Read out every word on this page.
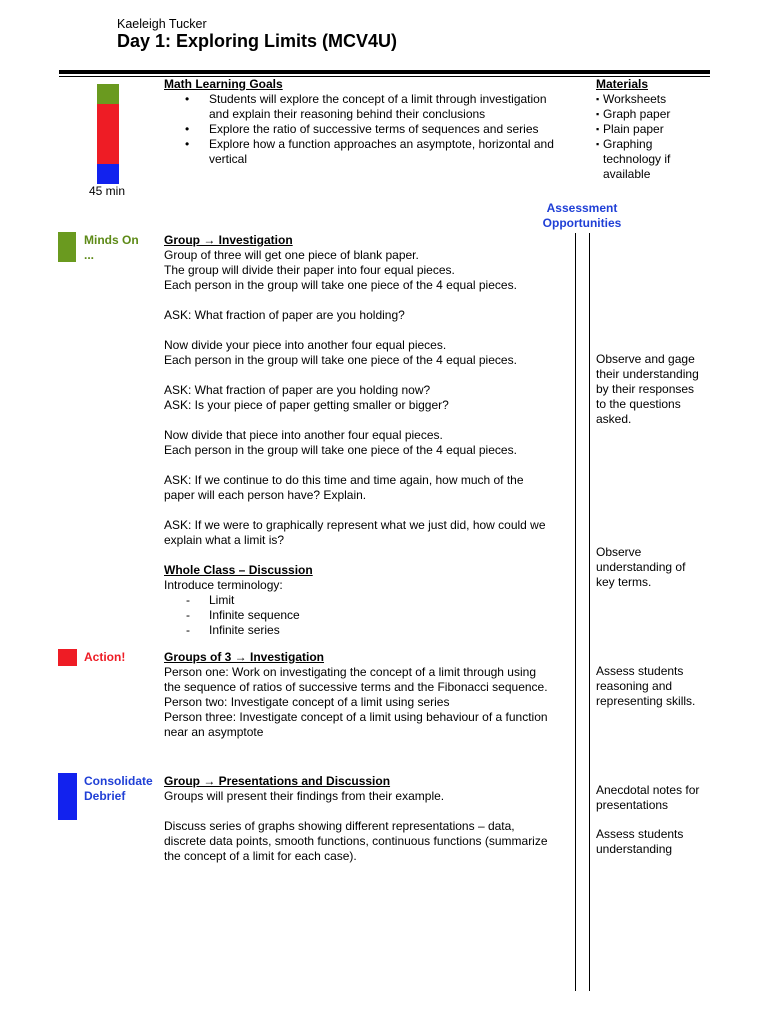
Kaeleigh Tucker
Day 1: Exploring Limits (MCV4U)
45 min
Math Learning Goals
• Students will explore the concept of a limit through investigation
and explain their reasoning behind their conclusions
• Explore the ratio of successive terms of sequences and series
• Explore how a function approaches an asymptote, horizontal and
vertical
Materials
▪ Worksheets
▪ Graph paper
▪ Plain paper
▪ Graphing
technology if
available
Assessment
Opportunities
Minds On
...
Group → Investigation
Group of three will get one piece of blank paper.
The group will divide their paper into four equal pieces.
Each person in the group will take one piece of the 4 equal pieces.
ASK: What fraction of paper are you holding?
Now divide your piece into another four equal pieces.
Each person in the group will take one piece of the 4 equal pieces.
ASK: What fraction of paper are you holding now?
ASK: Is your piece of paper getting smaller or bigger?
Now divide that piece into another four equal pieces.
Each person in the group will take one piece of the 4 equal pieces.
ASK: If we continue to do this time and time again, how much of the
paper will each person have? Explain.
ASK: If we were to graphically represent what we just did, how could we
explain what a limit is?
Whole Class – Discussion
Introduce terminology:
- Limit
- Infinite sequence
- Infinite series
Observe and gage
their understanding
by their responses
to the questions
asked.
Observe
understanding of
key terms.
Action!	Groups of 3 → Investigation
Person one: Work on investigating the concept of a limit through using
the sequence of ratios of successive terms and the Fibonacci sequence.
Person two: Investigate concept of a limit using series
Person three: Investigate concept of a limit using behaviour of a function
near an asymptote
Assess students
reasoning and
representing skills.
Consolidate
Debrief
Group → Presentations and Discussion
Groups will present their findings from their example.
Discuss series of graphs showing different representations – data,
discrete data points, smooth functions, continuous functions (summarize
the concept of a limit for each case).
Anecdotal notes for
presentations
Assess students
understanding
